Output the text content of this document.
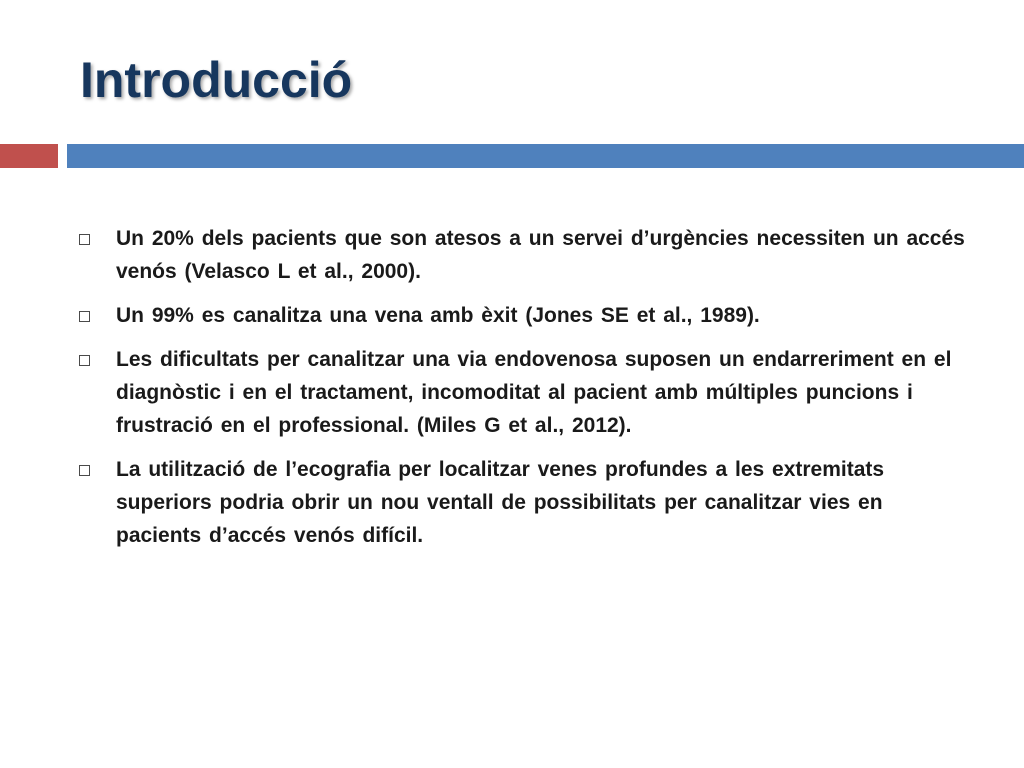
Introducció
Un 20% dels pacients que son atesos a un servei d’urgències necessiten un accés venós (Velasco L et al., 2000).
Un 99% es canalitza una vena amb èxit (Jones SE et al., 1989).
Les dificultats per canalitzar una via endovenosa suposen un endarreriment en el diagnòstic i en el tractament, incomoditat al pacient amb múltiples puncions i frustració en el professional. (Miles G et al., 2012).
La utilització de l’ecografia per localitzar venes profundes a les extremitats superiors podria obrir un nou ventall de possibilitats per canalitzar vies en pacients d’accés venós difícil.
